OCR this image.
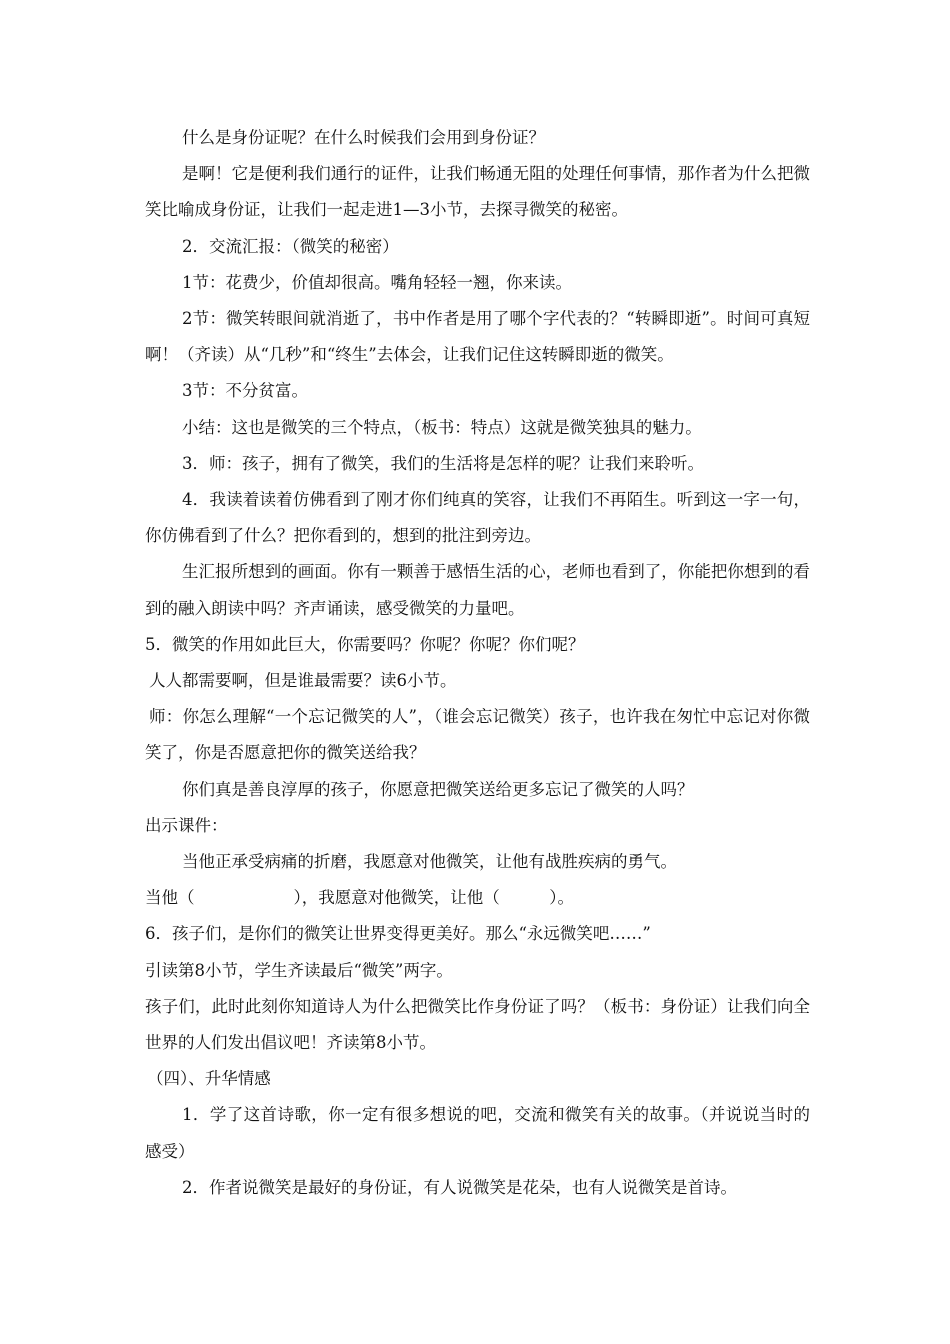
什么是身份证呢？在什么时候我们会用到身份证？

是啊！它是便利我们通行的证件，让我们畅通无阻的处理任何事情，那作者为什么把微笑比喻成身份证，让我们一起走进1—3小节，去探寻微笑的秘密。

2．交流汇报：（微笑的秘密）

1节：花费少，价值却很高。嘴角轻轻一翘，你来读。

2节：微笑转眼间就消逝了，书中作者是用了哪个字代表的？“转瞬即逝”。时间可真短啊！（齐读）从“几秒”和“终生”去体会，让我们记住这转瞬即逝的微笑。

3节：不分贫富。

小结：这也是微笑的三个特点，（板书：特点）这就是微笑独具的魅力。

3．师：孩子，拥有了微笑，我们的生活将是怎样的呢？让我们来聆听。

4．我读着读着仿佛看到了刚才你们纯真的笑容，让我们不再陌生。听到这一字一句，你仿佛看到了什么？把你看到的，想到的批注到旁边。

生汇报所想到的画面。你有一颗善于感悟生活的心，老师也看到了，你能把你想到的看到的融入朗读中吗？齐声诵读，感受微笑的力量吧。

5．微笑的作用如此巨大，你需要吗？你呢？你呢？你们呢？

人人都需要啊，但是谁最需要？读6小节。

师：你怎么理解“一个忘记微笑的人”，（谁会忘记微笑）孩子，也许我在匆忙中忘记对你微笑了，你是否愿意把你的微笑送给我？

你们真是善良淳厚的孩子，你愿意把微笑送给更多忘记了微笑的人吗？

出示课件：

当他正承受病痛的折磨，我愿意对他微笑，让他有战胜疾病的勇气。

当他（　　　　　　），我愿意对他微笑，让他（　　　）。

6．孩子们，是你们的微笑让世界变得更美好。那么“永远微笑吧……”

引读第8小节，学生齐读最后“微笑”两字。

孩子们，此时此刻你知道诗人为什么把微笑比作身份证了吗？（板书：身份证）让我们向全世界的人们发出倡议吧！齐读第8小节。

（四）、升华情感

1．学了这首诗歌，你一定有很多想说的吧，交流和微笑有关的故事。（并说说当时的感受）

2．作者说微笑是最好的身份证，有人说微笑是花朵，也有人说微笑是首诗。
